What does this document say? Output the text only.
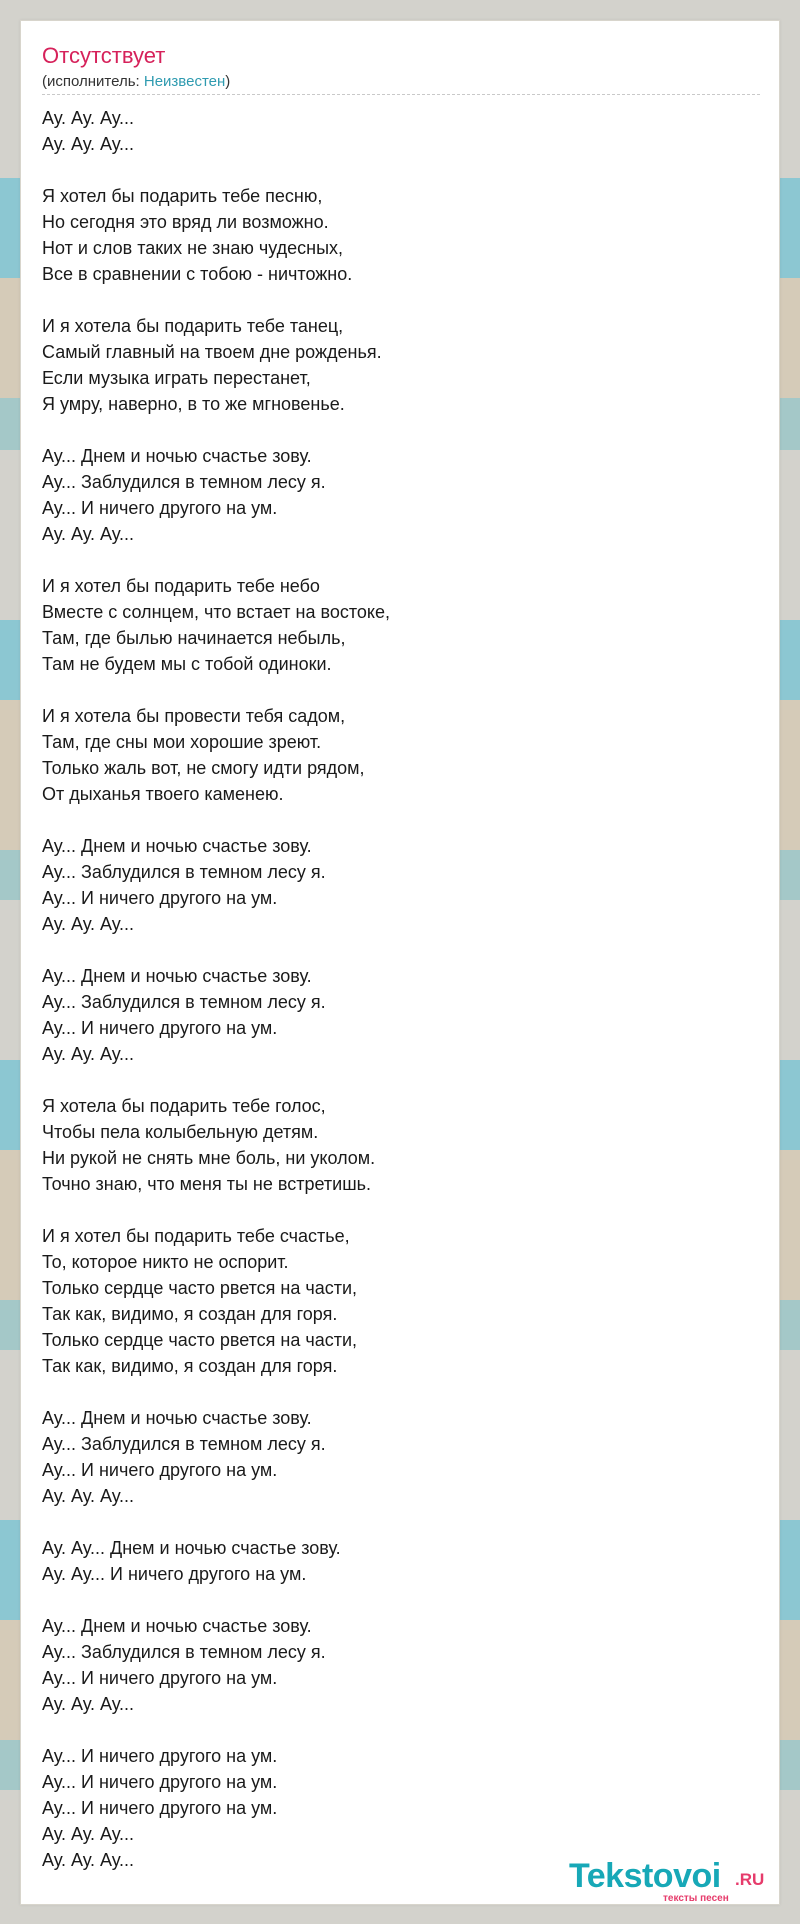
Отсутствует
(исполнитель: Неизвестен)
Ау. Ау. Ау...
Ау. Ау. Ау...
Я хотел бы подарить тебе песню,
Но сегодня это вряд ли возможно.
Нот и слов таких не знаю чудесных,
Все в сравнении с тобою - ничтожно.
И я хотела бы подарить тебе танец,
Самый главный на твоем дне рожденья.
Если музыка играть перестанет,
Я умру, наверно, в то же мгновенье.
Ау... Днем и ночью счастье зову.
Ау... Заблудился в темном лесу я.
Ау... И ничего другого на ум.
Ау. Ау. Ау...
И я хотел бы подарить тебе небо
Вместе с солнцем, что встает на востоке,
Там, где былью начинается небыль,
Там не будем мы с тобой одиноки.
И я хотела бы провести тебя садом,
Там, где сны мои хорошие зреют.
Только жаль вот, не смогу идти рядом,
От дыханья твоего каменею.
Ау... Днем и ночью счастье зову.
Ау... Заблудился в темном лесу я.
Ау... И ничего другого на ум.
Ау. Ау. Ау...
Ау... Днем и ночью счастье зову.
Ау... Заблудился в темном лесу я.
Ау... И ничего другого на ум.
Ау. Ау. Ау...
Я хотела бы подарить тебе голос,
Чтобы пела колыбельную детям.
Ни рукой не снять мне боль, ни уколом.
Точно знаю, что меня ты не встретишь.
И я хотел бы подарить тебе счастье,
То, которое никто не оспорит.
Только сердце часто рвется на части,
Так как, видимо, я создан для горя.
Только сердце часто рвется на части,
Так как, видимо, я создан для горя.
Ау... Днем и ночью счастье зову.
Ау... Заблудился в темном лесу я.
Ау... И ничего другого на ум.
Ау. Ау. Ау...
Ау. Ау... Днем и ночью счастье зову.
Ау. Ау... И ничего другого на ум.
Ау... Днем и ночью счастье зову.
Ау... Заблудился в темном лесу я.
Ау... И ничего другого на ум.
Ау. Ау. Ау...
Ау... И ничего другого на ум.
Ау... И ничего другого на ум.
Ау... И ничего другого на ум.
Ау. Ау. Ау...
Ау. Ау. Ау...	Tekstovoi .RU
тексты песен
